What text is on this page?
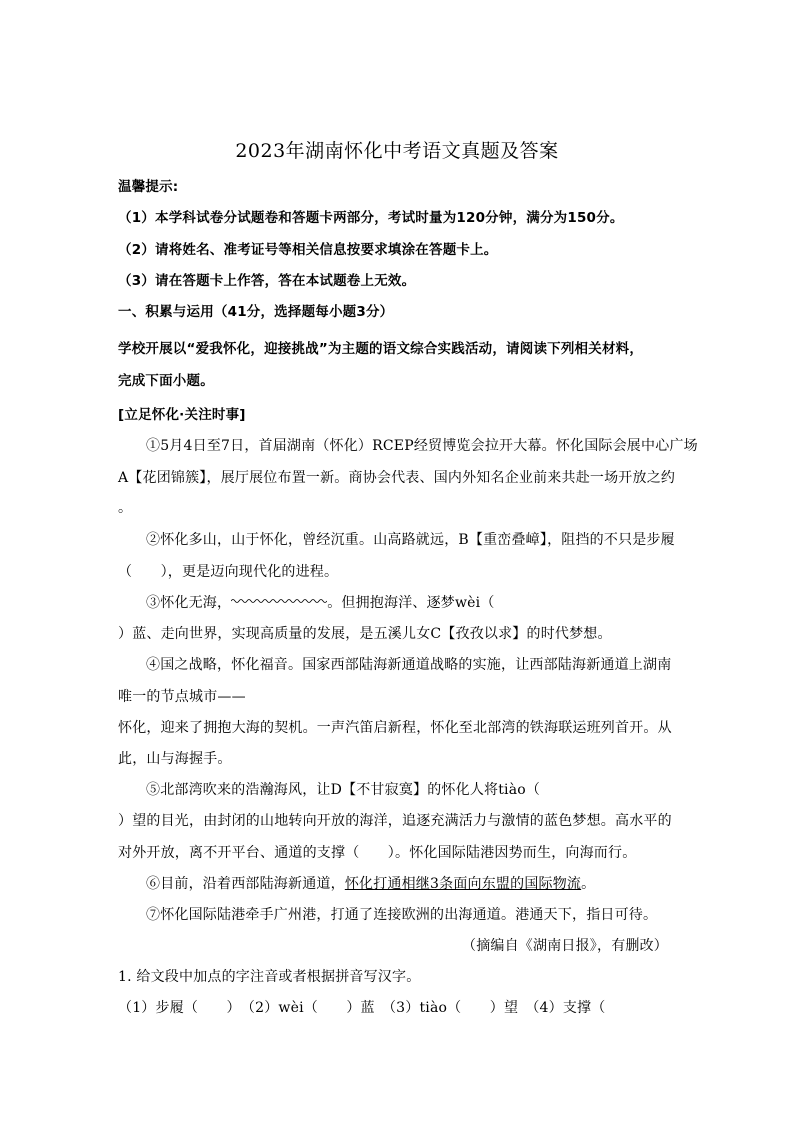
2023年湖南怀化中考语文真题及答案
温馨提示:
（1）本学科试卷分试题卷和答题卡两部分，考试时量为120分钟，满分为150分。
（2）请将姓名、准考证号等相关信息按要求填涂在答题卡上。
（3）请在答题卡上作答，答在本试题卷上无效。
一、积累与运用（41分，选择题每小题3分）
学校开展以“爱我怀化，迎接挑战”为主题的语文综合实践活动，请阅读下列相关材料，
完成下面小题。
[立足怀化·关注时事]
①5月4日至7日，首届湖南（怀化）RCEP经贸博览会拉开大幕。怀化国际会展中心广场
A【花团锦簇】，展厅展位布置一新。商协会代表、国内外知名企业前来共赴一场开放之约
。
②怀化多山，山于怀化，曾经沉重。山高路就远，B【重峦叠嶂】，阻挡的不只是步履
（　　），更是迈向现代化的进程。
③怀化无海，	。但拥抱海洋、逐梦wèi（
）蓝、走向世界，实现高质量的发展，是五溪儿女C【孜孜以求】的时代梦想。
④国之战略，怀化福音。国家西部陆海新通道战略的实施，让西部陆海新通道上湖南
唯一的节点城市——
怀化，迎来了拥抱大海的契机。一声汽笛启新程，怀化至北部湾的铁海联运班列首开。从
此，山与海握手。
⑤北部湾吹来的浩瀚海风，让D【不甘寂寞】的怀化人将tiào（
）望的目光，由封闭的山地转向开放的海洋，追逐充满活力与激情的蓝色梦想。高水平的
对外开放，离不开平台、通道的支撑（　　）。怀化国际陆港因势而生，向海而行。
⑥目前，沿着西部陆海新通道，怀化打通相继3条面向东盟的国际物流。
⑦怀化国际陆港牵手广州港，打通了连接欧洲的出海通道。港通天下，指日可待。
（摘编自《湖南日报》，有删改）
1. 给文段中加点的字注音或者根据拼音写汉字。
（1）步履（　　）　（2）wèi（　　）蓝　（3）tiào（　　）望　（4）支撑（
